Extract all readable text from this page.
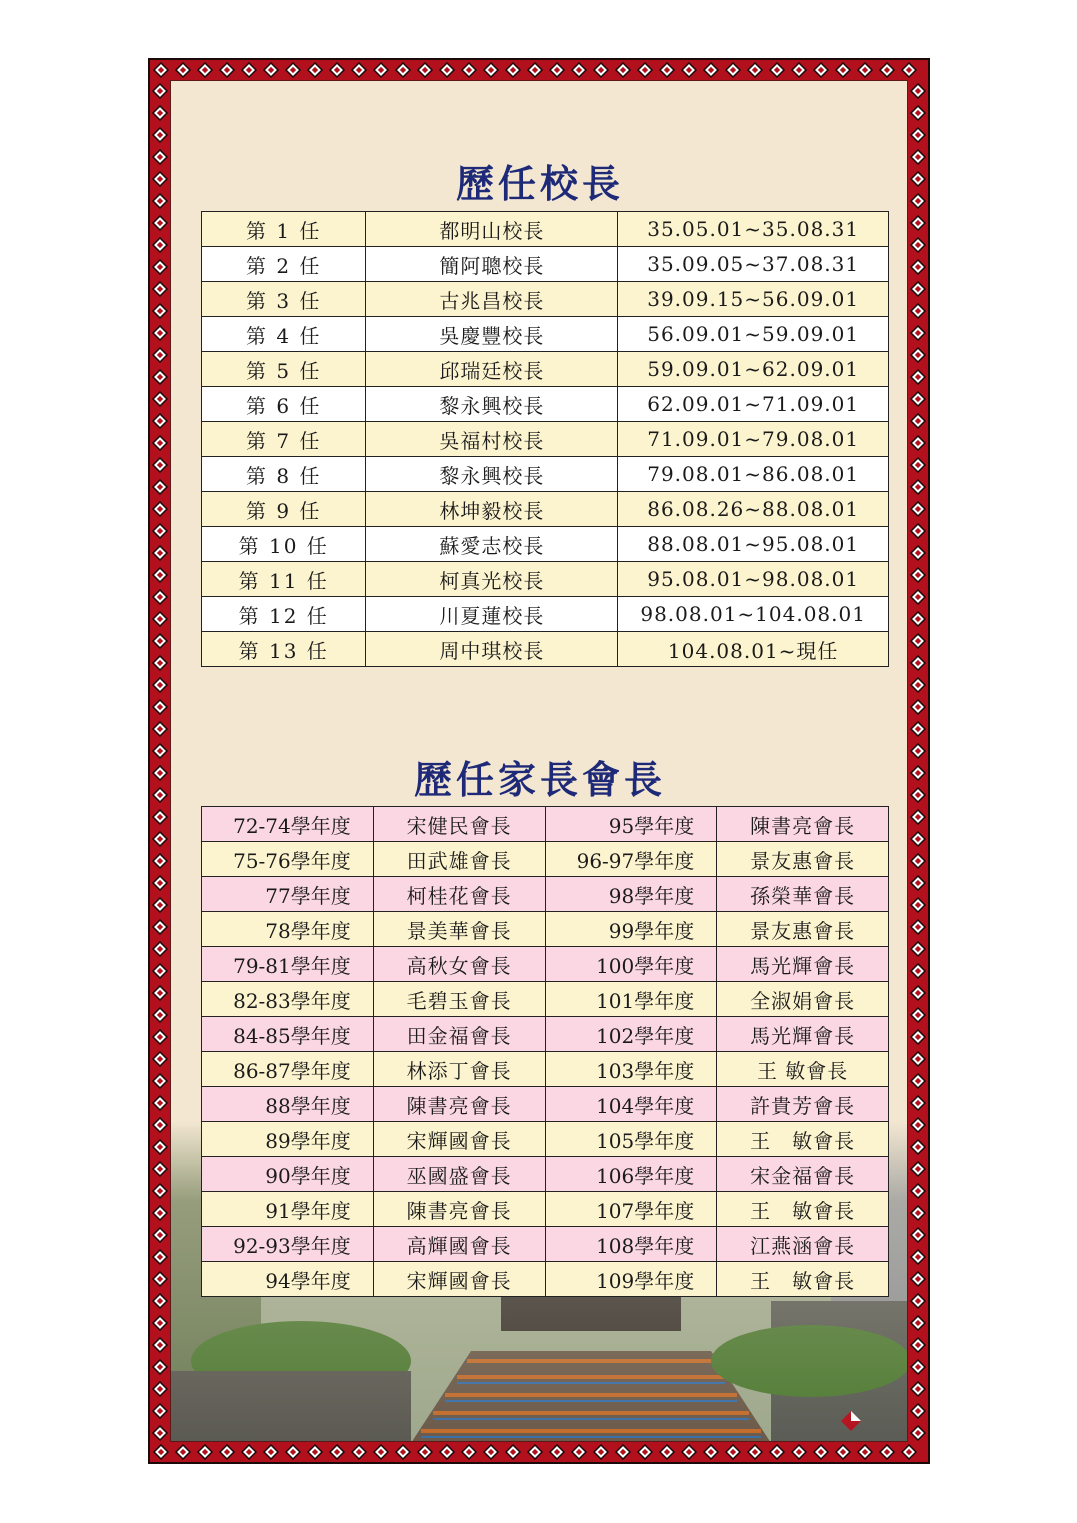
歷任校長
第 1 任	都明山校長	35.05.01~35.08.31
第 2 任	簡阿聰校長	35.09.05~37.08.31
第 3 任	古兆昌校長	39.09.15~56.09.01
第 4 任	吳慶豐校長	56.09.01~59.09.01
第 5 任	邱瑞廷校長	59.09.01~62.09.01
第 6 任	黎永興校長	62.09.01~71.09.01
第 7 任	吳福村校長	71.09.01~79.08.01
第 8 任	黎永興校長	79.08.01~86.08.01
第 9 任	林坤毅校長	86.08.26~88.08.01
第 10 任	蘇愛志校長	88.08.01~95.08.01
第 11 任	柯真光校長	95.08.01~98.08.01
第 12 任	川夏蓮校長	98.08.01~104.08.01
第 13 任	周中琪校長	104.08.01~現任
歷任家長會長
72-74學年度	宋健民會長	95學年度	陳書亮會長
75-76學年度	田武雄會長	96-97學年度	景友惠會長
77學年度	柯桂花會長	98學年度	孫榮華會長
78學年度	景美華會長	99學年度	景友惠會長
79-81學年度	高秋女會長	100學年度	馬光輝會長
82-83學年度	毛碧玉會長	101學年度	全淑娟會長
84-85學年度	田金福會長	102學年度	馬光輝會長
86-87學年度	林添丁會長	103學年度	王 敏會長
88學年度	陳書亮會長	104學年度	許貴芳會長
89學年度	宋輝國會長	105學年度	王　敏會長
90學年度	巫國盛會長	106學年度	宋金福會長
91學年度	陳書亮會長	107學年度	王　敏會長
92-93學年度	高輝國會長	108學年度	江燕涵會長
94學年度	宋輝國會長	109學年度	王　敏會長
